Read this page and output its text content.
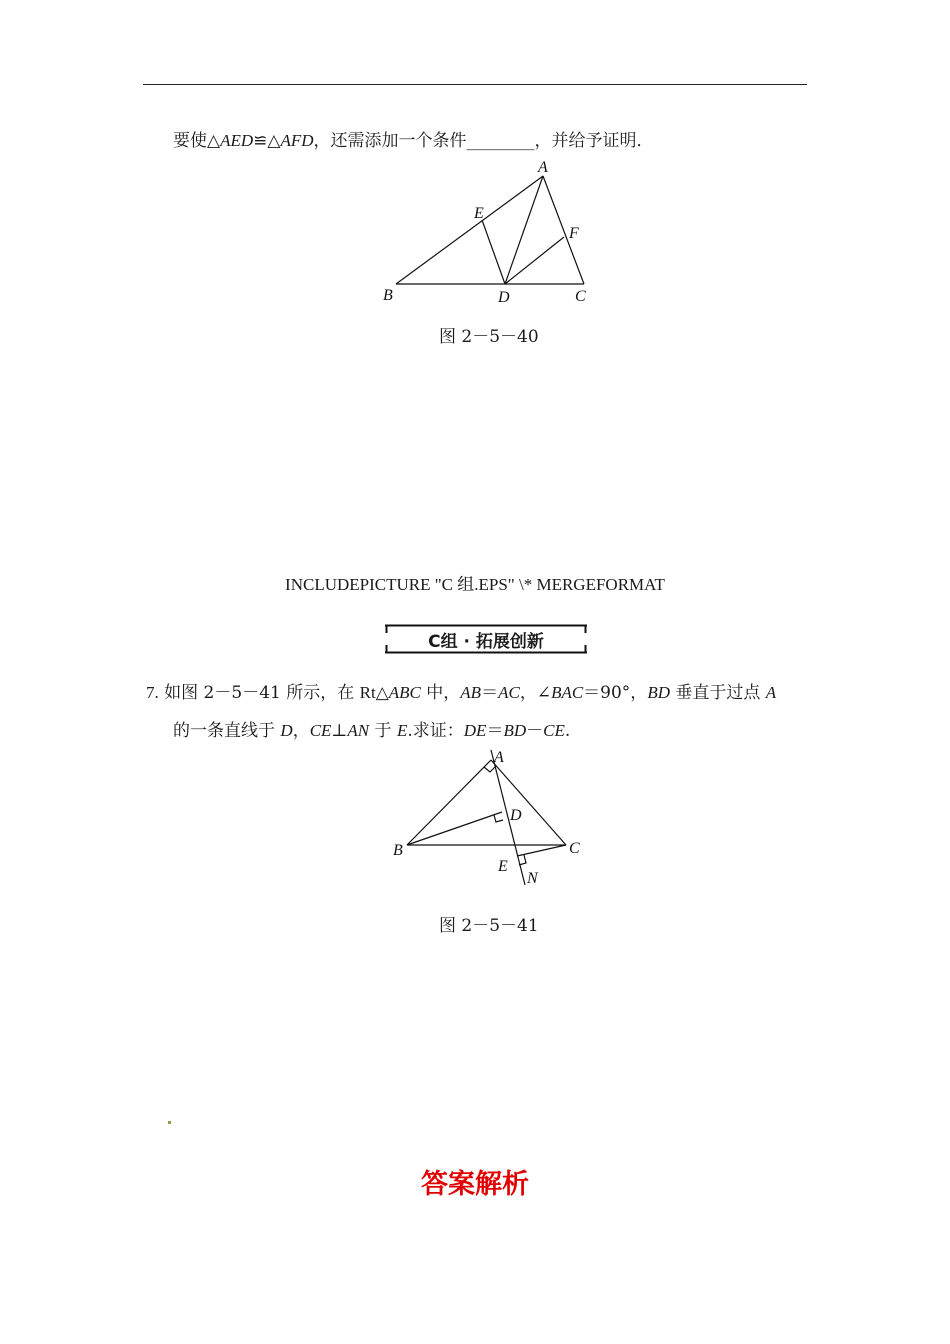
要使△AED≌△AFD，还需添加一个条件________，并给予证明．
A
E
F
B	D	C
图 2－5－40
INCLUDEPICTURE "C 组.EPS" \* MERGEFORMAT
C组 · 拓展创新
7. 如图 2－5－41 所示，在 Rt△ABC 中，AB＝AC，∠BAC＝90°，BD 垂直于过点 A
的一条直线于 D，CE⊥AN 于 E.求证：DE＝BD－CE.
A
D
B	C
E
N
图 2－5－41
答案解析
